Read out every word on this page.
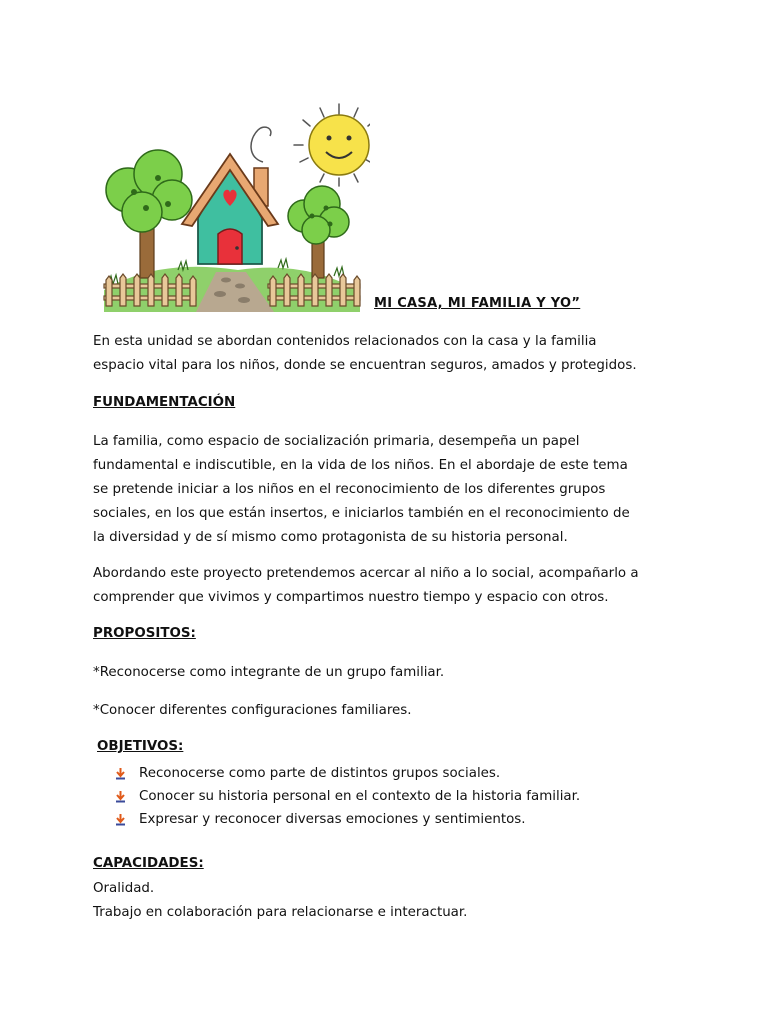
MI CASA, MI FAMILIA Y YO”

En esta unidad se abordan contenidos relacionados con la casa y la familia
espacio vital para los niños, donde se encuentran seguros, amados y protegidos.

FUNDAMENTACIÓN

La familia, como espacio de socialización primaria, desempeña un papel
fundamental e indiscutible, en la vida de los niños. En el abordaje de este tema
se pretende iniciar a los niños en el reconocimiento de los diferentes grupos
sociales, en los que están insertos, e iniciarlos también en el reconocimiento de
la diversidad y de sí mismo como protagonista de su historia personal.

Abordando este proyecto pretendemos acercar al niño a lo social, acompañarlo a
comprender que vivimos y compartimos nuestro tiempo y espacio con otros.

PROPOSITOS:

*Reconocerse como integrante de un grupo familiar.

*Conocer diferentes configuraciones familiares.

OBJETIVOS:

Reconocerse como parte de distintos grupos sociales.
Conocer su historia personal en el contexto de la historia familiar.
Expresar y reconocer diversas emociones y sentimientos.

CAPACIDADES:

Oralidad.
Trabajo en colaboración para relacionarse e interactuar.
